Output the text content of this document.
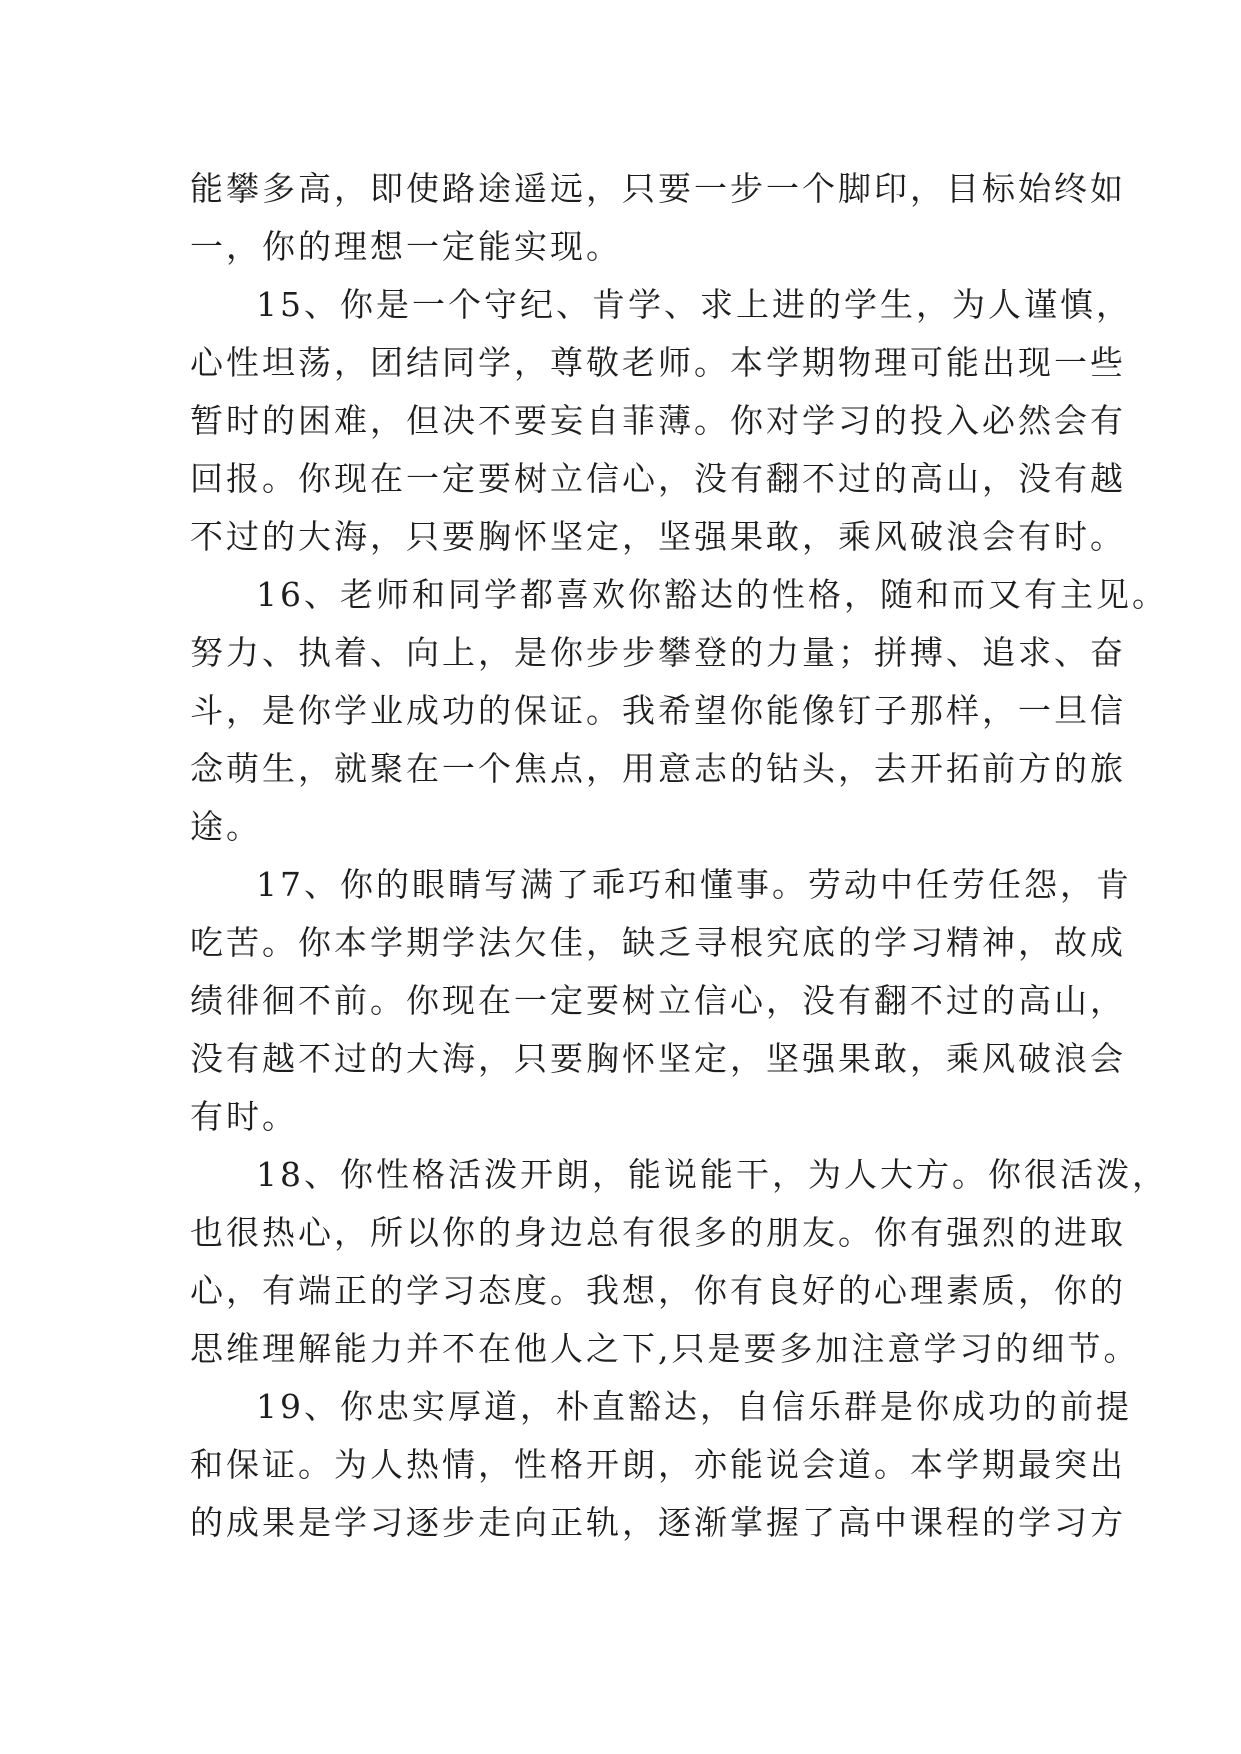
能攀多高，即使路途遥远，只要一步一个脚印，目标始终如
一，你的理想一定能实现。
15、你是一个守纪、肯学、求上进的学生，为人谨慎，
心性坦荡，团结同学，尊敬老师。本学期物理可能出现一些
暂时的困难，但决不要妄自菲薄。你对学习的投入必然会有
回报。你现在一定要树立信心，没有翻不过的高山，没有越
不过的大海，只要胸怀坚定，坚强果敢，乘风破浪会有时。
16、老师和同学都喜欢你豁达的性格，随和而又有主见。
努力、执着、向上，是你步步攀登的力量；拼搏、追求、奋
斗，是你学业成功的保证。我希望你能像钉子那样，一旦信
念萌生，就聚在一个焦点，用意志的钻头，去开拓前方的旅
途。
17、你的眼睛写满了乖巧和懂事。劳动中任劳任怨，肯
吃苦。你本学期学法欠佳，缺乏寻根究底的学习精神，故成
绩徘徊不前。你现在一定要树立信心，没有翻不过的高山，
没有越不过的大海，只要胸怀坚定，坚强果敢，乘风破浪会
有时。
18、你性格活泼开朗，能说能干，为人大方。你很活泼，
也很热心，所以你的身边总有很多的朋友。你有强烈的进取
心，有端正的学习态度。我想，你有良好的心理素质，你的
思维理解能力并不在他人之下,只是要多加注意学习的细节。
19、你忠实厚道，朴直豁达，自信乐群是你成功的前提
和保证。为人热情，性格开朗，亦能说会道。本学期最突出
的成果是学习逐步走向正轨，逐渐掌握了高中课程的学习方
